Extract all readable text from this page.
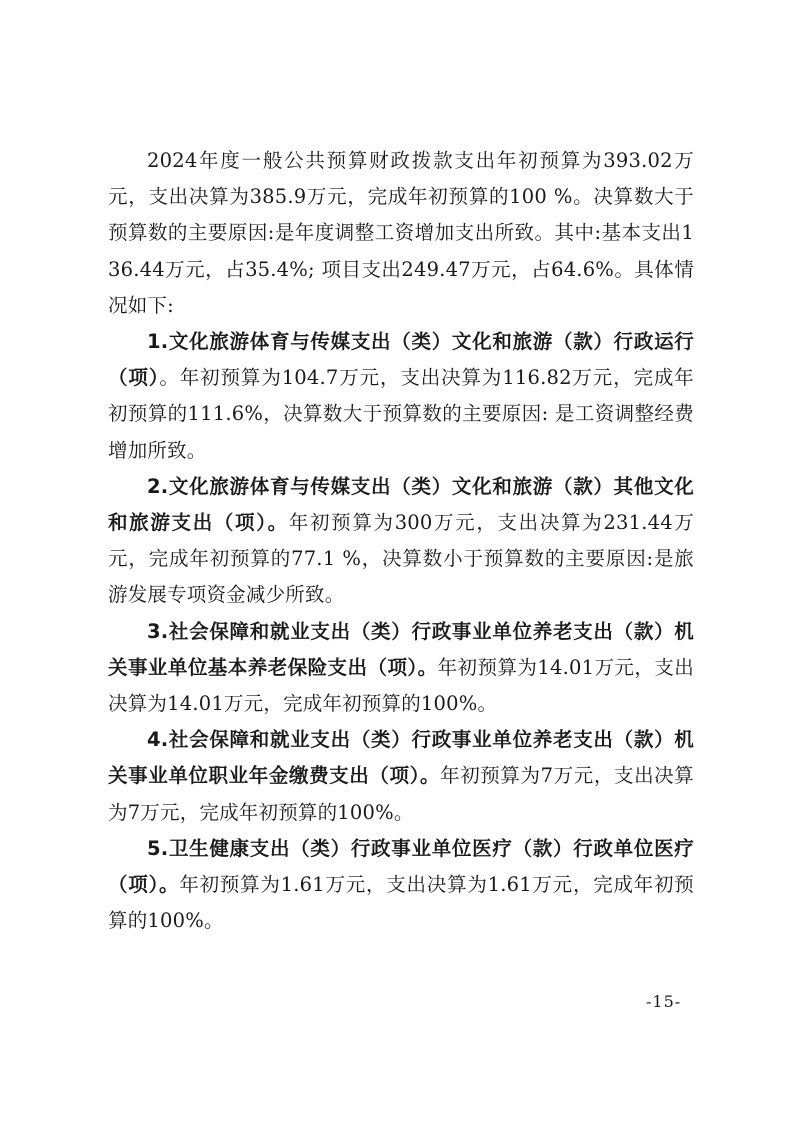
2024年度一般公共预算财政拨款支出年初预算为393.02万元，支出决算为385.9万元，完成年初预算的100 %。决算数大于预算数的主要原因:是年度调整工资增加支出所致。其中:基本支出136.44万元，占35.4%; 项目支出249.47万元，占64.6%。具体情况如下:

1.文化旅游体育与传媒支出（类）文化和旅游（款）行政运行（项）。年初预算为104.7万元，支出决算为116.82万元，完成年初预算的111.6%，决算数大于预算数的主要原因: 是工资调整经费增加所致。

2.文化旅游体育与传媒支出（类）文化和旅游（款）其他文化和旅游支出（项）。年初预算为300万元，支出决算为231.44万元，完成年初预算的77.1 %，决算数小于预算数的主要原因:是旅游发展专项资金减少所致。

3.社会保障和就业支出（类）行政事业单位养老支出（款）机关事业单位基本养老保险支出（项）。年初预算为14.01万元，支出决算为14.01万元，完成年初预算的100%。

4.社会保障和就业支出（类）行政事业单位养老支出（款）机关事业单位职业年金缴费支出（项）。年初预算为7万元，支出决算为7万元，完成年初预算的100%。

5.卫生健康支出（类）行政事业单位医疗（款）行政单位医疗（项）。年初预算为1.61万元，支出决算为1.61万元，完成年初预算的100%。

-15-
